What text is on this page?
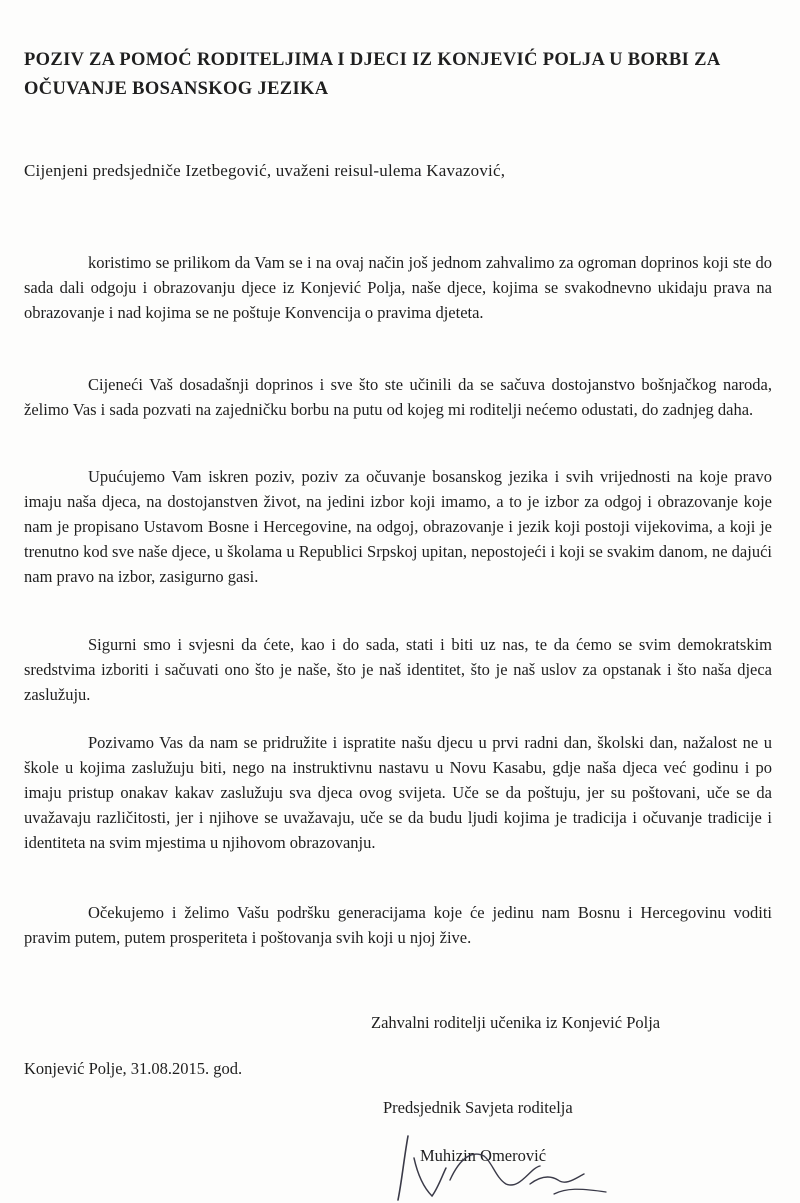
POZIV ZA POMOĆ RODITELJIMA I DJECI IZ KONJEVIĆ POLJA U BORBI ZA OČUVANJE BOSANSKOG JEZIKA

Cijenjeni predsjedniče Izetbegović, uvaženi reisul-ulema Kavazović,

koristimo se prilikom da Vam se i na ovaj način još jednom zahvalimo za ogroman doprinos koji ste do sada dali odgoju i obrazovanju djece iz Konjević Polja, naše djece, kojima se svakodnevno ukidaju prava na obrazovanje i nad kojima se ne poštuje Konvencija o pravima djeteta.

Cijeneći Vaš dosadašnji doprinos i sve što ste učinili da se sačuva dostojanstvo bošnjačkog naroda, želimo Vas i sada pozvati na zajedničku borbu na putu od kojeg mi roditelji nećemo odustati, do zadnjeg daha.

Upućujemo Vam iskren poziv, poziv za očuvanje bosanskog jezika i svih vrijednosti na koje pravo imaju naša djeca, na dostojanstven život, na jedini izbor koji imamo, a to je izbor za odgoj i obrazovanje koje nam je propisano Ustavom Bosne i Hercegovine, na odgoj, obrazovanje i jezik koji postoji vijekovima, a koji je trenutno kod sve naše djece, u školama u Republici Srpskoj upitan, nepostojeći i koji se svakim danom, ne dajući nam pravo na izbor, zasigurno gasi.

Sigurni smo i svjesni da ćete, kao i do sada, stati i biti uz nas, te da ćemo se svim demokratskim sredstvima izboriti i sačuvati ono što je naše, što je naš identitet, što je naš uslov za opstanak i što naša djeca zaslužuju.

Pozivamo Vas da nam se pridružite i ispratite našu djecu u prvi radni dan, školski dan, nažalost ne u škole u kojima zaslužuju biti, nego na instruktivnu nastavu u Novu Kasabu, gdje naša djeca već godinu i po imaju pristup onakav kakav zaslužuju sva djeca ovog svijeta. Uče se da poštuju, jer su poštovani, uče se da uvažavaju različitosti, jer i njihove se uvažavaju, uče se da budu ljudi kojima je tradicija i očuvanje tradicije i identiteta na svim mjestima u njihovom obrazovanju.

Očekujemo i želimo Vašu podršku generacijama koje će jedinu nam Bosnu i Hercegovinu voditi pravim putem, putem prosperiteta i poštovanja svih koji u njoj žive.

Zahvalni roditelji učenika iz Konjević Polja

Konjević Polje, 31.08.2015. god.

Predsjednik Savjeta roditelja

Muhizin Omerović
